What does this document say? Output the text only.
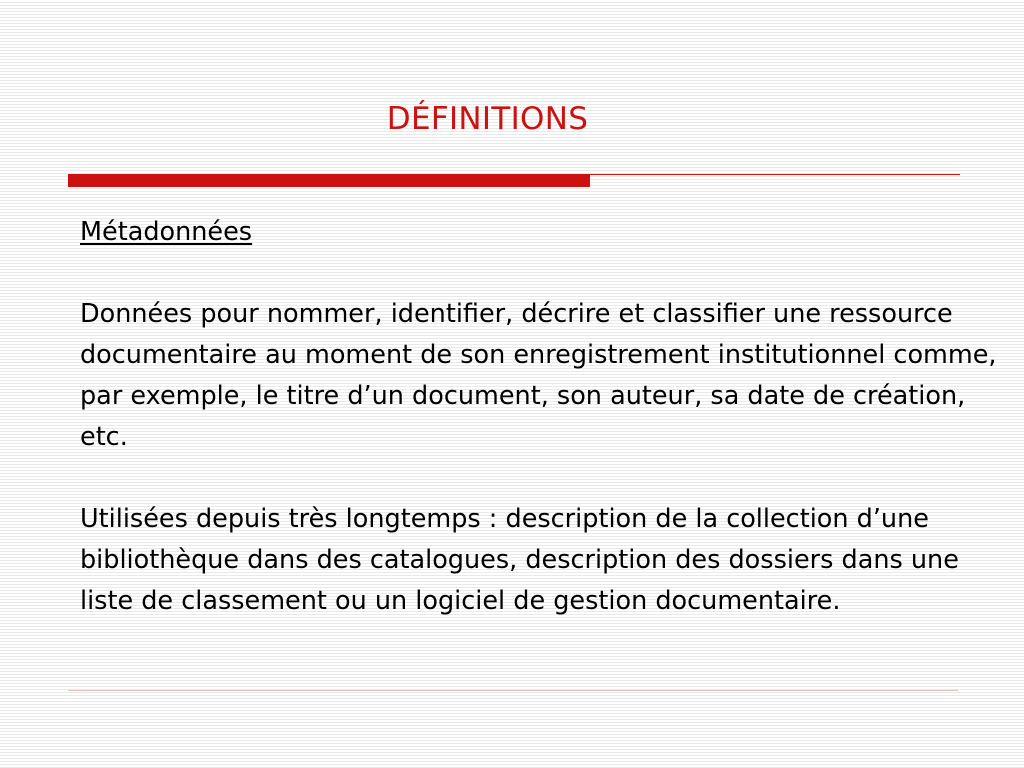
DÉFINITIONS

Métadonnées

Données pour nommer, identifier, décrire et classifier une ressource documentaire au moment de son enregistrement institutionnel comme, par exemple, le titre d’un document, son auteur, sa date de création, etc.

Utilisées depuis très longtemps : description de la collection d’une bibliothèque dans des catalogues, description des dossiers dans une liste de classement ou un logiciel de gestion documentaire.
